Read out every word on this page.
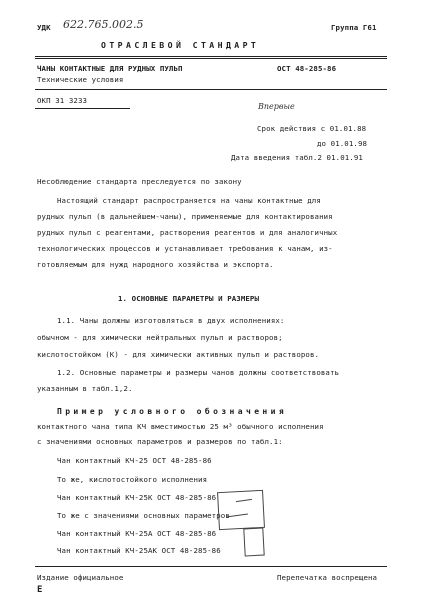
УДК 622.765.002.5	Группа Г61
ОТРАСЛЕВОЙ СТАНДАРТ
ЧАНЫ КОНТАКТНЫЕ ДЛЯ РУДНЫХ ПУЛЬП
Технические условия
ОСТ 48-285-86
ОКП 31 3233
Впервые
Срок действия с 01.01.88
до 01.01.98
Дата введения табл.2 01.01.91
Несоблюдение стандарта преследуется по закону
Настоящий стандарт распространяется на чаны контактные для
рудных пульп (в дальнейшем-чаны), применяемые для контактирования
рудных пульп с реагентами, растворения реагентов и для аналогичных
технологических процессов и устанавливает требования к чанам, из-
готовляемым для нужд народного хозяйства и экспорта.
1. ОСНОВНЫЕ ПАРАМЕТРЫ И РАЗМЕРЫ
1.1. Чаны должны изготовляться в двух исполнениях:
обычном - для химически нейтральных пульп и растворов;
кислотостойком (К) - для химически активных пульп и растворов.
1.2. Основные параметры и размеры чанов должны соответствовать
указанным в табл.1,2.
Пример условного обозначения
контактного чана типа КЧ вместимостью 25 м³ обычного исполнения
с значениями основных параметров и размеров по табл.1:
Чан контактный КЧ-25 ОСТ 48-285-86
То же, кислотостойкого исполнения
Чан контактный КЧ-25К ОСТ 48-285-86
То же с значениями основных параметров
Чан контактный КЧ-25А ОСТ 48-285-86
Чан контактный КЧ-25АК ОСТ 48-285-86
Издание официальное
Е
Перепечатка воспрещена
